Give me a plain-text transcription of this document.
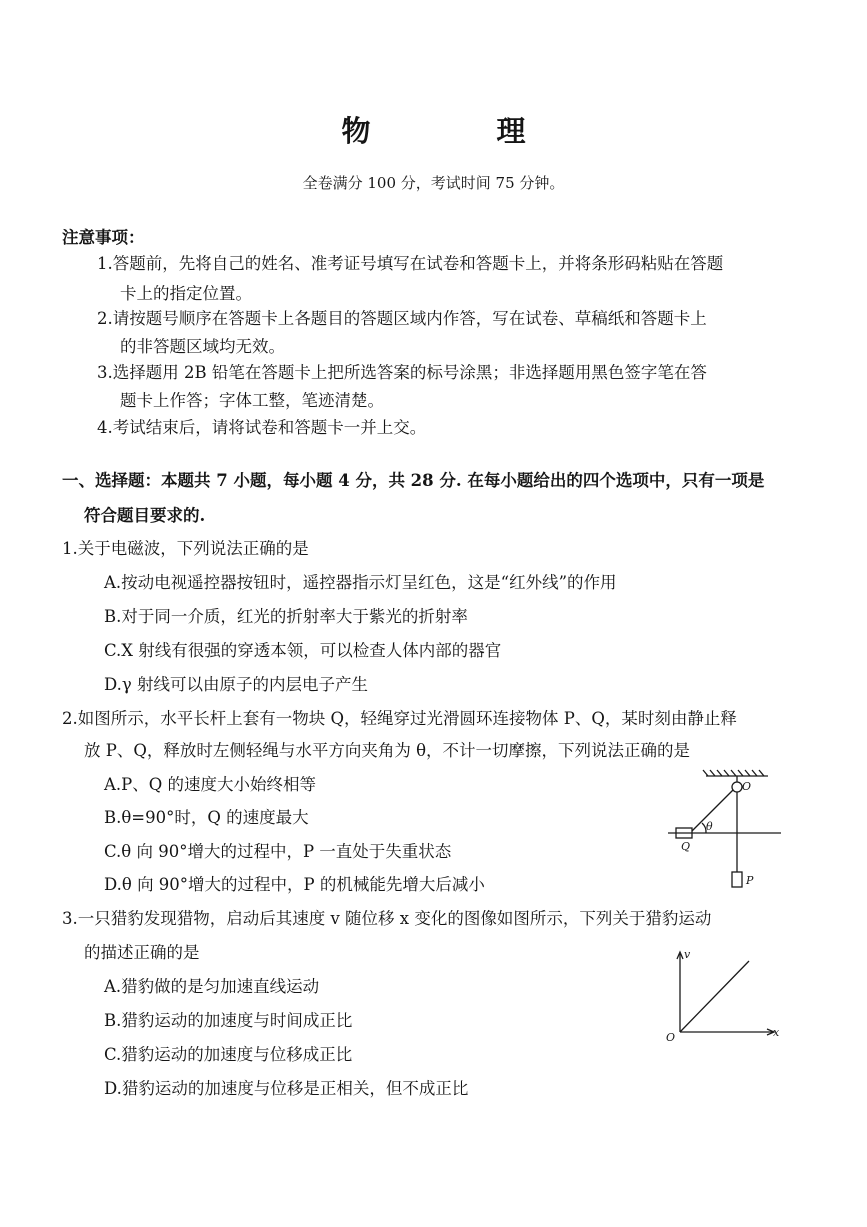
物 理
全卷满分 100 分，考试时间 75 分钟。
注意事项：
1.答题前，先将自己的姓名、准考证号填写在试卷和答题卡上，并将条形码粘贴在答题
卡上的指定位置。
2.请按题号顺序在答题卡上各题目的答题区域内作答，写在试卷、草稿纸和答题卡上
的非答题区域均无效。
3.选择题用 2B 铅笔在答题卡上把所选答案的标号涂黑；非选择题用黑色签字笔在答
题卡上作答；字体工整，笔迹清楚。
4.考试结束后，请将试卷和答题卡一并上交。
一、选择题：本题共 7 小题，每小题 4 分，共 28 分. 在每小题给出的四个选项中，只有一项是
符合题目要求的.
1.关于电磁波，下列说法正确的是
A.按动电视遥控器按钮时，遥控器指示灯呈红色，这是“红外线”的作用
B.对于同一介质，红光的折射率大于紫光的折射率
C.X 射线有很强的穿透本领，可以检查人体内部的器官
D.γ 射线可以由原子的内层电子产生
2.如图所示，水平长杆上套有一物块 Q，轻绳穿过光滑圆环连接物体 P、Q，某时刻由静止释
放 P、Q，释放时左侧轻绳与水平方向夹角为 θ，不计一切摩擦，下列说法正确的是
A.P、Q 的速度大小始终相等
B.θ=90°时，Q 的速度最大
C.θ 向 90°增大的过程中，P 一直处于失重状态
D.θ 向 90°增大的过程中，P 的机械能先增大后减小
O
θ
Q
P
3.一只猎豹发现猎物，启动后其速度 v 随位移 x 变化的图像如图所示，下列关于猎豹运动
的描述正确的是
A.猎豹做的是匀加速直线运动
B.猎豹运动的加速度与时间成正比
C.猎豹运动的加速度与位移成正比
D.猎豹运动的加速度与位移是正相关，但不成正比
v
x
O
